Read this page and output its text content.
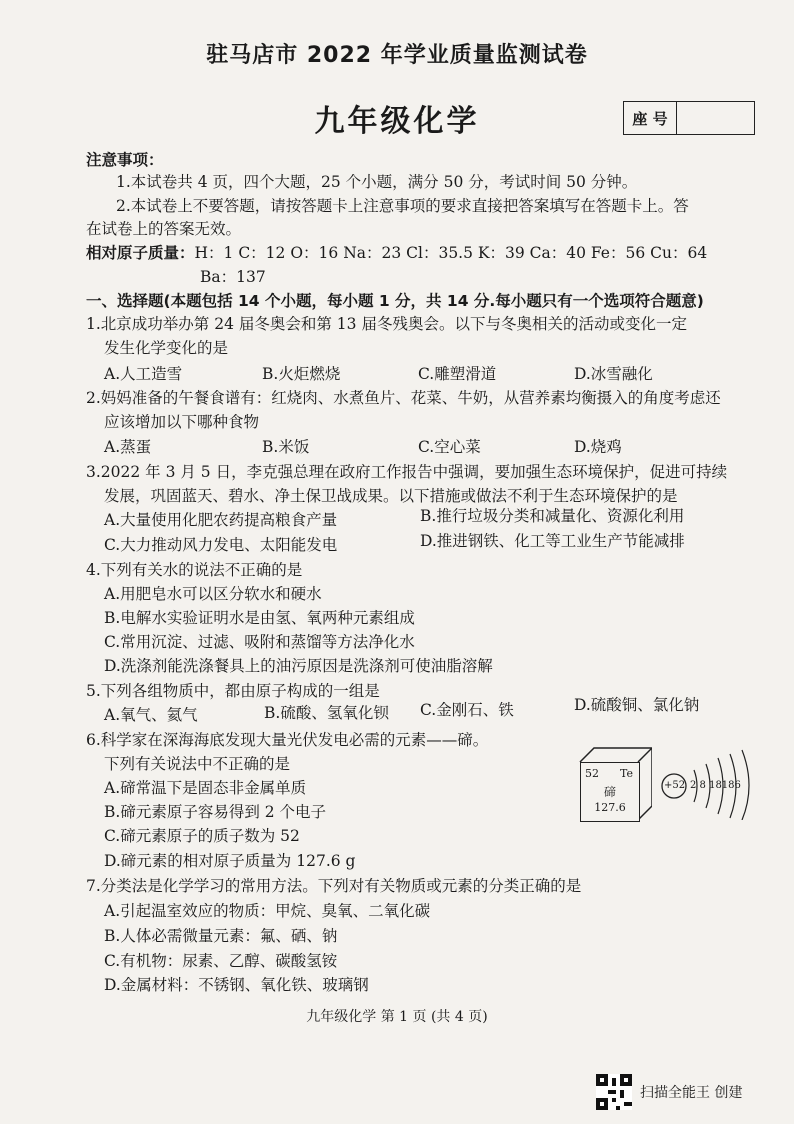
驻马店市 2022 年学业质量监测试卷
九年级化学	座 号
注意事项：
1.本试卷共 4 页，四个大题，25 个小题，满分 50 分，考试时间 50 分钟。
2.本试卷上不要答题，请按答题卡上注意事项的要求直接把答案填写在答题卡上。答
在试卷上的答案无效。
相对原子质量：H：1 C：12 O：16 Na：23 Cl：35.5 K：39 Ca：40 Fe：56 Cu：64
Ba：137
一、选择题(本题包括 14 个小题，每小题 1 分，共 14 分.每小题只有一个选项符合题意)
1.北京成功举办第 24 届冬奥会和第 13 届冬残奥会。以下与冬奥相关的活动或变化一定
发生化学变化的是
A.人工造雪	B.火炬燃烧	C.雕塑滑道	D.冰雪融化
2.妈妈准备的午餐食谱有：红烧肉、水煮鱼片、花菜、牛奶，从营养素均衡摄入的角度考虑还
应该增加以下哪种食物
A.蒸蛋	B.米饭	C.空心菜	D.烧鸡
3.2022 年 3 月 5 日，李克强总理在政府工作报告中强调，要加强生态环境保护，促进可持续
发展，巩固蓝天、碧水、净土保卫战成果。以下措施或做法不利于生态环境保护的是
A.大量使用化肥农药提高粮食产量	B.推行垃圾分类和减量化、资源化利用
C.大力推动风力发电、太阳能发电	D.推进钢铁、化工等工业生产节能减排
4.下列有关水的说法不正确的是
A.用肥皂水可以区分软水和硬水
B.电解水实验证明水是由氢、氧两种元素组成
C.常用沉淀、过滤、吸附和蒸馏等方法净化水
D.洗涤剂能洗涤餐具上的油污原因是洗涤剂可使油脂溶解
5.下列各组物质中，都由原子构成的一组是
A.氧气、氦气	B.硫酸、氢氧化钡 C.金刚石、铁	D.硫酸铜、氯化钠
6.科学家在深海海底发现大量光伏发电必需的元素——碲。
下列有关说法中不正确的是
A.碲常温下是固态非金属单质
B.碲元素原子容易得到 2 个电子
C.碲元素原子的质子数为 52
D.碲元素的相对原子质量为 127.6 g
52 Te
碲
127.6
+52 2 8 18186
7.分类法是化学学习的常用方法。下列对有关物质或元素的分类正确的是
A.引起温室效应的物质：甲烷、臭氧、二氧化碳
B.人体必需微量元素：氟、硒、钠
C.有机物：尿素、乙醇、碳酸氢铵
D.金属材料：不锈钢、氧化铁、玻璃钢
九年级化学 第 1 页 (共 4 页)
扫描全能王 创建
